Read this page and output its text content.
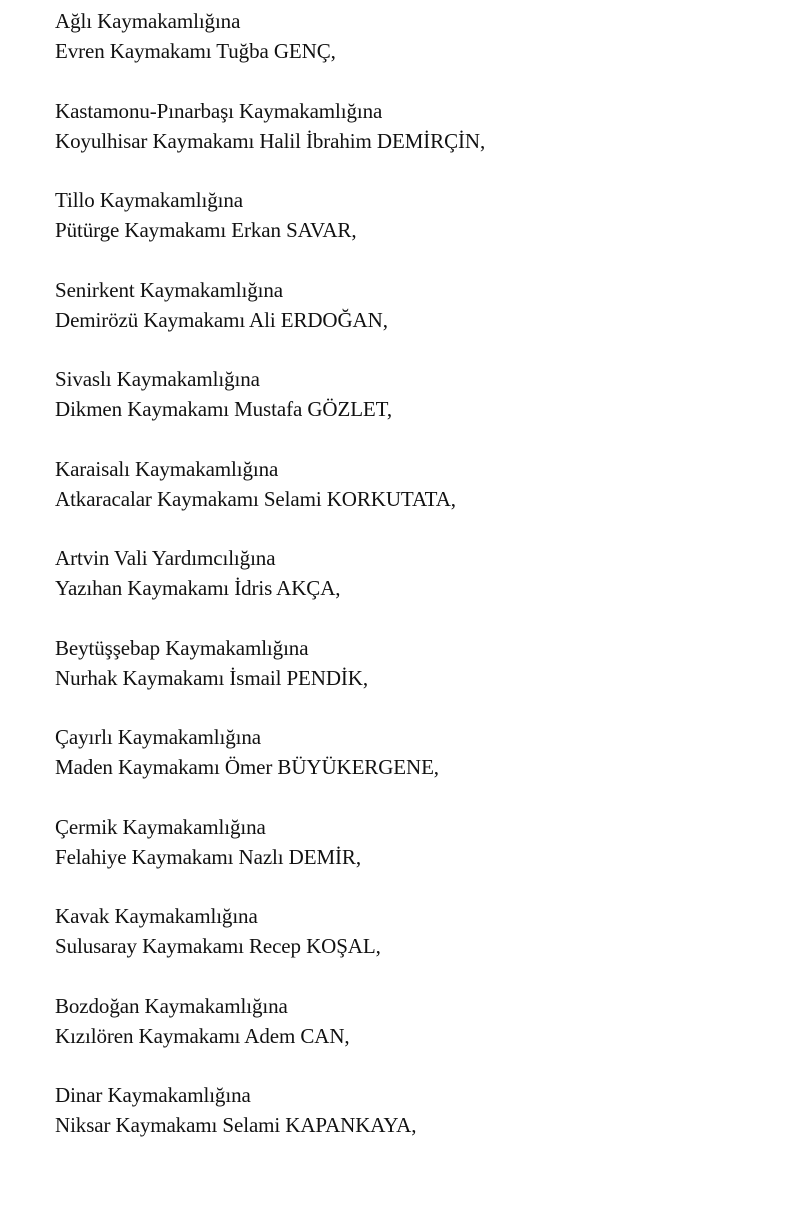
Ağlı Kaymakamlığına
Evren Kaymakamı Tuğba GENÇ,
Kastamonu-Pınarbaşı Kaymakamlığına
Koyulhisar Kaymakamı Halil İbrahim DEMİRÇİN,
Tillo Kaymakamlığına
Pütürge Kaymakamı Erkan SAVAR,
Senirkent Kaymakamlığına
Demirözü Kaymakamı Ali ERDOĞAN,
Sivaslı Kaymakamlığına
Dikmen Kaymakamı Mustafa GÖZLET,
Karaisalı Kaymakamlığına
Atkaracalar Kaymakamı Selami KORKUTATA,
Artvin Vali Yardımcılığına
Yazıhan Kaymakamı İdris AKÇA,
Beytüşşebap Kaymakamlığına
Nurhak Kaymakamı İsmail PENDİK,
Çayırlı Kaymakamlığına
Maden Kaymakamı Ömer BÜYÜKERGENE,
Çermik Kaymakamlığına
Felahiye Kaymakamı Nazlı DEMİR,
Kavak Kaymakamlığına
Sulusaray Kaymakamı Recep KOŞAL,
Bozdoğan Kaymakamlığına
Kızılören Kaymakamı Adem CAN,
Dinar Kaymakamlığına
Niksar Kaymakamı Selami KAPANKAYA,
